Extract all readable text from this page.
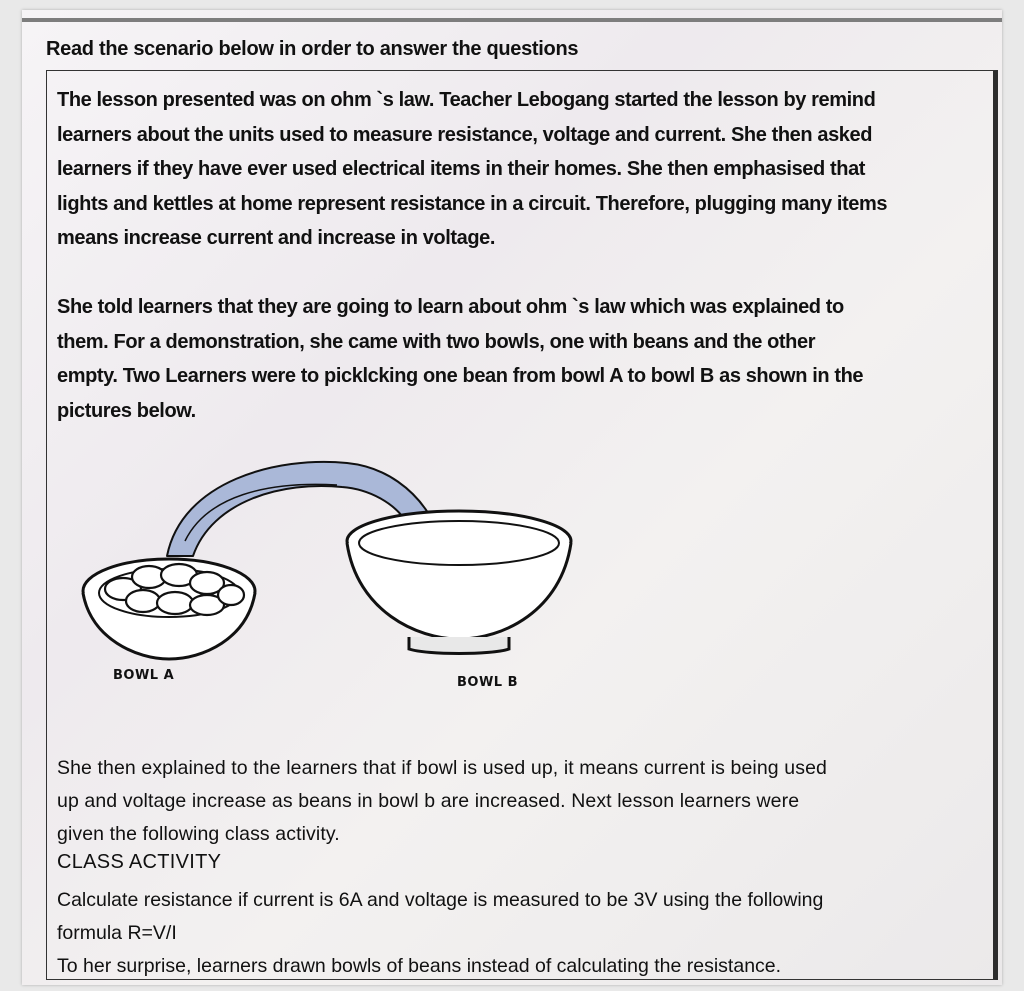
Read the scenario below in order to answer the questions

The lesson presented was on ohm `s law. Teacher Lebogang started the lesson by remind
learners about the units used to measure resistance, voltage and current. She then asked
learners if they have ever used electrical items in their homes. She then emphasised that
lights and kettles at home represent resistance in a circuit. Therefore, plugging many items
means increase current and increase in voltage.
She told learners that they are going to learn about ohm `s law which was explained to
them. For a demonstration, she came with two bowls, one with beans and the other
empty. Two Learners were to picklcking one bean from bowl A to bowl B as shown in the
pictures below.

BOWL A	BOWL B

She then explained to the learners that if bowl is used up, it means current is being used
up and voltage increase as beans in bowl b are increased. Next lesson learners were
given the following class activity.

CLASS ACTIVITY

Calculate resistance if current is 6A and voltage is measured to be 3V using the following
formula R=V/I
To her surprise, learners drawn bowls of beans instead of calculating the resistance.
